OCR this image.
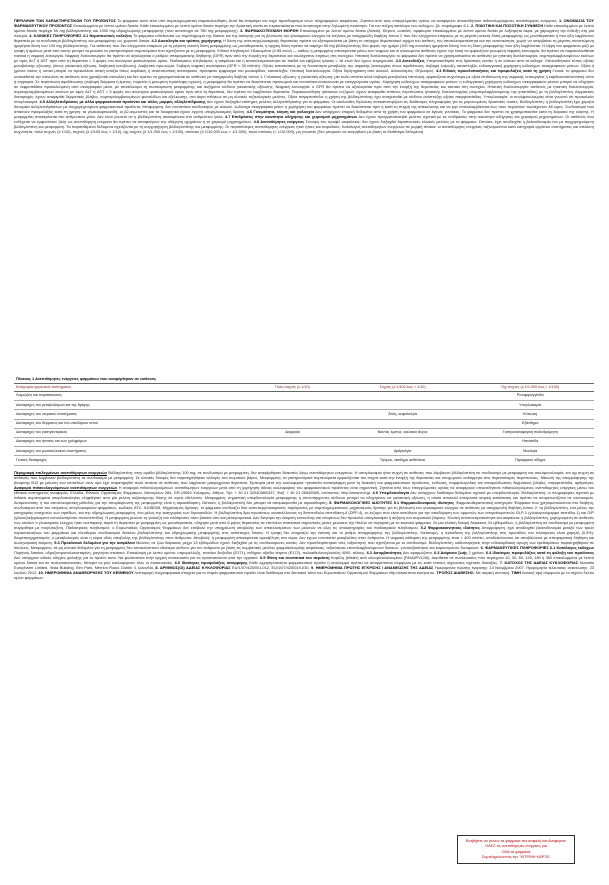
ΠΕΡΙΛΗΨΗ ΤΩΝ ΧΑΡΑΚΤΗΡΙΣΤΙΚΩΝ ΤΟΥ ΠΡΟΪΟΝΤΟΣ Το φάρμακο αυτό τελεί υπό συμπληρωματική παρακολούθηση. Αυτό θα επιτρέψει τον ταχύ προσδιορισμό νέων πληροφοριών ασφάλειας. Ζητείται από τους επαγγελματίες υγείας να αναφέρουν οποιεσδήποτε πιθανολογούμενες ανεπιθύμητες ενέργειες. 1. ΟΝΟΜΑΣΙΑ ΤΟΥ ΦΑΡΜΑΚΕΥΤΙΚΟΥ ΠΡΟΪΟΝΤΟΣ Επικαλυμμένα με λεπτό υμένιο δισκία. Κάθε επικαλυμμένο με λεπτό υμένιο δισκίο περιέχει την δραστική ουσία σε περιεκτικότητα που αντιστοιχεί στην δηλωμένη ποσότητα. Για τον πλήρη κατάλογο των εκδόχων, βλ. παράγραφο 6.1. 2. ΠΟΙΟΤΙΚΗ ΚΑΙ ΠΟΣΟΤΙΚΗ ΣΥΝΘΕΣΗ Κάθε επικαλυμμένο με λεπτό υμένιο δισκίο περιέχει 50 mg βιλδαγλιπτίνης και 1000 mg υδροχλωρικής μετφορμίνης (που αντιστοιχεί σε 780 mg μετφορμίνης). 3. ΦΑΡΜΑΚΟΤΕΧΝΙΚΗ ΜΟΡΦΗ Επικαλυμμένο με λεπτό υμένιο δισκίο (δισκίο). Κίτρινο, ωοειδές, αμφίκυρτο επικαλυμμένο με λεπτό υμένιο δισκίο με λοξότμητα άκρα, με χαραγμένη την ένδειξη στη μία πλευρά. 4. ΚΛΙΝΙΚΕΣ ΠΛΗΡΟΦΟΡΙΕΣ 4.1 Θεραπευτικές ενδείξεις Το φάρμακο ενδείκνυται ως συμπλήρωμα της δίαιτας και της άσκησης για τη βελτίωση του γλυκαιμικού ελέγχου σε ενήλικες με σακχαρώδη διαβήτη τύπου 2 που δεν ελέγχονται επαρκώς με τη μέγιστη ανεκτή δόση μετφορμίνης ως μονοθεραπεία ή που ήδη λαμβάνουν θεραπεία με το συνδυασμό βιλδαγλιπτίνης και μετφορμίνης ως χωριστά δισκία. 4.2 Δοσολογία και τρόπος χορήγησης Η δόση της αντιυπεργλυκαιμικής θεραπείας πρέπει να εξατομικεύεται με βάση το υπάρχον θεραπευτικό σχήμα του ασθενή, την αποτελεσματικότητα και την ανεκτικότητα, χωρίς να υπερβαίνει τη μέγιστη συνιστώμενη ημερήσια δόση των 100 mg βιλδαγλιπτίνης. Για ασθενείς που δεν ελέγχονται επαρκώς με τη μέγιστη ανεκτή δόση μετφορμίνης ως μονοθεραπεία, η αρχική δόση πρέπει να παρέχει 50 mg βιλδαγλιπτίνης δύο φορές την ημέρα (100 mg συνολική ημερήσια δόση) συν τη δόση μετφορμίνης που ήδη λαμβάνεται. Η λήψη του φαρμάκου μαζί με τροφή ή αμέσως μετά από αυτήν μπορεί να μειώσει τα γαστρεντερικά συμπτώματα που σχετίζονται με τη μετφορμίνη. Ειδικοί πληθυσμοί: Ηλικιωμένοι (≥ 65 ετών) — καθώς η μετφορμίνη απεκκρίνεται μέσω των νεφρών και οι ηλικιωμένοι ασθενείς έχουν την τάση να εμφανίζουν μειωμένη νεφρική λειτουργία, θα πρέπει να παρακολουθείται τακτικά η νεφρική λειτουργία. Νεφρική δυσλειτουργία: θα πρέπει να αξιολογείται ο ρυθμός σπειραματικής διήθησης (GFR) πριν από την έναρξη της θεραπείας και τουλάχιστον ετησίως στη συνέχεια. Ηπατική δυσλειτουργία: το φάρμακο δεν πρέπει να χρησιμοποιείται σε ασθενείς με ηπατική δυσλειτουργία, συμπεριλαμβανομένων εκείνων με τιμές ALT ή AST πριν από τη θεραπεία > 3 φορές του ανώτερου φυσιολογικού ορίου. Παιδιατρικός πληθυσμός: η ασφάλεια και η αποτελεσματικότητα σε παιδιά και εφήβους ηλικίας < 18 ετών δεν έχουν τεκμηριωθεί. 4.3 Αντενδείξεις Υπερευαισθησία στις δραστικές ουσίες ή σε κάποιο από τα έκδοχα. Οποιοσδήποτε τύπος οξείας μεταβολικής οξέωσης (όπως γαλακτική οξέωση, διαβητική κετοξέωση). Διαβητικό προ-κώμα. Σοβαρή νεφρική ανεπάρκεια (GFR < 30 ml/min). Οξείες καταστάσεις με τη δυνατότητα μεταβολής της νεφρικής λειτουργίας όπως αφυδάτωση, σοβαρή λοίμωξη, καταπληξία, ενδοαγγειακή χορήγηση ιωδιούχων σκιαγραφικών μέσων. Οξεία ή χρόνια νόσος η οποία μπορεί να προκαλέσει ιστική υποξία όπως καρδιακή ή αναπνευστική ανεπάρκεια, πρόσφατο έμφραγμα του μυοκαρδίου, καταπληξία. Ηπατική δυσλειτουργία. Οξεία δηλητηρίαση από αλκοόλ, αλκοολισμός. Θηλασμός. 4.4 Ειδικές προειδοποιήσεις και προφυλάξεις κατά τη χρήση Γενικά: το φάρμακο δεν υποκαθιστά την ινσουλίνη σε ασθενείς που χρειάζονται ινσουλίνη και δεν πρέπει να χρησιμοποιείται σε ασθενείς με σακχαρώδη διαβήτη τύπου 1. Γαλακτική οξέωση: η γαλακτική οξέωση, μία πολύ σπάνια αλλά σοβαρή μεταβολική επιπλοκή, εμφανίζεται συχνότερα με οξεία επιδείνωση της νεφρικής λειτουργίας ή καρδιοαναπνευστική νόσο ή σηψαιμία. Σε περίπτωση αφυδάτωσης (σοβαρή διάρροια ή έμετος, πυρετός ή μειωμένη πρόσληψη υγρών), η μετφορμίνη θα πρέπει να διακόπτεται προσωρινά και συνιστάται επικοινωνία με επαγγελματία υγείας. Χορήγηση ιωδιούχων σκιαγραφικών μέσων: η ενδαγγειακή χορήγηση ιωδιούχων σκιαγραφικών μέσων μπορεί να οδηγήσει σε νεφροπάθεια προκαλούμενη από σκιαγραφικό μέσο, με αποτέλεσμα τη συσσώρευση μετφορμίνης και αυξημένο κίνδυνο γαλακτικής οξέωσης. Νεφρική λειτουργία: ο GFR θα πρέπει να αξιολογείται πριν από την έναρξη της θεραπείας και τακτικά στη συνέχεια. Ηπατική δυσλειτουργία: ασθενείς με ηπατική δυσλειτουργία, συμπεριλαμβανομένων εκείνων με τιμές ALT ή AST > 3 φορές του ανώτερου φυσιολογικού ορίου πριν από τη θεραπεία, δεν πρέπει να λαμβάνουν θεραπεία. Παρακολούθηση ηπατικών ενζύμων: έχουν αναφερθεί σπάνιες περιπτώσεις ηπατικής δυσλειτουργίας (συμπεριλαμβανομένης της ηπατίτιδας) με τη βιλδαγλιπτίνη. Δερματικές διαταραχές: έχουν αναφερθεί δερματικές βλάβες, συμπεριλαμβανομένων φυσαλίδων και εξέλκωσης, στα άκρα πιθήκων σε μη κλινικές τοξικολογικές μελέτες. Οξεία παγκρεατίτιδα: η χρήση της βιλδαγλιπτίνης έχει συσχετισθεί με κίνδυνο ανάπτυξης οξείας παγκρεατίτιδας. Υπογλυκαιμία: οι σουλφονυλουρίες είναι γνωστό ότι προκαλούν υπογλυκαιμία. 4.5 Αλληλεπιδράσεις με άλλα φαρμακευτικά προϊόντα και άλλες μορφές αλληλεπίδρασης Δεν έχουν διεξαχθεί επίσημες μελέτες αλληλεπίδρασης για το φάρμακο. Οι ακόλουθες δηλώσεις αντικατοπτρίζουν τις διαθέσιμες πληροφορίες για τις μεμονωμένες δραστικές ουσίες. Βιλδαγλιπτίνη: η βιλδαγλιπτίνη έχει χαμηλό δυναμικό αλληλεπιδράσεων με συγχορηγούμενα φαρμακευτικά προϊόντα. Μετφορμίνη: δεν συνιστάται συνδυασμός με αλκοόλ. Ιωδιούχα σκιαγραφικά μέσα: η χορήγηση του φαρμάκου πρέπει να διακόπτεται πριν ή κατά τη στιγμή της απεικόνισης και να μην επαναλαμβάνεται έως ότου περάσουν τουλάχιστον 48 ώρες. Συνδυασμοί που απαιτούν προφυλάξεις κατά τη χρήση: τα γλυκοκορτικοειδή, οι β2-αγωνιστές και τα διουρητικά έχουν εγγενή υπεργλυκαιμική δράση. 4.6 Γονιμότητα, κύηση και γαλουχία Δεν υπάρχουν επαρκή δεδομένα από τη χρήση του φαρμάκου σε έγκυες γυναίκες. Το φάρμακο δεν πρέπει να χρησιμοποιείται κατά τη διάρκεια της κύησης. Η μετφορμίνη απεκκρίνεται στο ανθρώπινο γάλα. Δεν είναι γνωστό αν η βιλδαγλιπτίνη απεκκρίνεται στο ανθρώπινο γάλα. 4.7 Επιδράσεις στην ικανότητα οδήγησης και χειρισμού μηχανημάτων Δεν έχουν πραγματοποιηθεί μελέτες σχετικά με τις επιδράσεις στην ικανότητα οδήγησης και χειρισμού μηχανημάτων. Οι ασθενείς που ενδέχεται να εμφανίσουν ζάλη ως ανεπιθύμητη ενέργεια θα πρέπει να αποφεύγουν την οδήγηση οχημάτων ή το χειρισμό μηχανημάτων. 4.8 Ανεπιθύμητες ενέργειες Σύνοψη του προφίλ ασφάλειας: δεν έχουν διεξαχθεί θεραπευτικές κλινικές μελέτες με το φάρμακο. Ωστόσο, έχει αποδειχθεί η βιοϊσοδυναμία του με συγχορηγούμενη βιλδαγλιπτίνη και μετφορμίνη. Τα παρατιθέμενα δεδομένα σχετίζονται με τη συγχορήγηση βιλδαγλιπτίνης και μετφορμίνης. Οι περισσότερες ανεπιθύμητες ενέργειες ήταν ήπιες και παροδικές. Κατάλογος ανεπιθύμητων ενεργειών σε μορφή πίνακα: οι ανεπιθύμητες ενέργειες ταξινομούνται κατά κατηγορία οργάνου συστήματος και απόλυτη συχνότητα: πολύ συχνές (≥ 1/10), συχνές (≥ 1/100 έως < 1/10), όχι συχνές (≥ 1/1.000 έως < 1/100), σπάνιες (≥ 1/10.000 έως < 1/1.000), πολύ σπάνιες (< 1/10.000), μη γνωστές (δεν μπορούν να εκτιμηθούν με βάση τα διαθέσιμα δεδομένα).

Πίνακας 1 Ανεπιθύμητες ενέργειες φαρμάκου που αναφέρθηκαν σε ασθενείς			
Κατηγορία οργανικού συστήματος	Πολύ συχνές (≥ 1/10)	Συχνές (≥ 1/100 έως < 1/10)	Όχι συχνές (≥ 1/1.000 έως < 1/100)
Λοιμώξεις και παρασιτώσεις			Ρινοφαρυγγίτιδα
Διαταραχές του μεταβολισμού και της θρέψης			Υπογλυκαιμία
Διαταραχές του νευρικού συστήματος		Ζάλη, κεφαλαλγία	Κόπωση
Διαταραχές του δέρματος και του υποδόριου ιστού			Εξάνθημα
Διαταραχές του γαστρεντερικού	Διάρροια	Ναυτία, έμετος, κοιλιακό άλγος	Γαστροοισοφαγική παλινδρόμηση
Διαταραχές του ήπατος και των χοληφόρων			Ηπατίτιδα
Διαταραχές του μυοσκελετικού συστήματος		Αρθραλγία	Μυαλγία
Γενικές διαταραχές		Τρόμος, αίσθημα ασθένειας	Περιφερικό οίδημα

Περιγραφή επιλεγμένων ανεπιθύμητων ενεργειών Βιλδαγλιπτίνη: στην ομάδα βιλδαγλιπτίνης 100 mg, σε συνδυασμό με μετφορμίνη, δεν αναφέρθηκαν διακοπές λόγω ανεπιθύμητων ενεργειών. Η υπογλυκαιμία ήταν συχνή σε ασθενείς που λάμβαναν βιλδαγλιπτίνη σε συνδυασμό με μετφορμίνη και σουλφονυλουρία, και όχι συχνή σε ασθενείς που λάμβαναν βιλδαγλιπτίνη σε συνδυασμό με μετφορμίνη. Σε κλινικές δοκιμές δεν παρατηρήθηκαν αλλαγές στο σωματικό βάρος. Μετφορμίνη: τα γαστρεντερικά συμπτώματα εμφανίζονται πιο συχνά κατά την έναρξη της θεραπείας και υποχωρούν αυθόρμητα στις περισσότερες περιπτώσεις. Μείωση της απορρόφησης της βιταμίνης B12 με μείωση των επιπέδων στον ορό έχει παρατηρηθεί πολύ σπάνια σε ασθενείς που λάμβαναν μακροχρόνια θεραπεία. Εμπειρία μετά την κυκλοφορία: ηπατίτιδα αναστρέψιμη μετά τη διακοπή του φαρμακευτικού προϊόντος, κνίδωση, πομφολυγώδεις και αποφολιδωτικές δερματικές βλάβες, παγκρεατίτιδα, αρθραλγία. Αναφορά πιθανολογούμενων ανεπιθύμητων ενεργειών Η αναφορά πιθανολογούμενων ανεπιθύμητων ενεργειών μετά από τη χορήγηση άδειας κυκλοφορίας του φαρμακευτικού προϊόντος είναι σημαντική. Ζητείται από τους επαγγελματίες υγείας να αναφέρουν οποιεσδήποτε πιθανολογούμενες ανεπιθύμητες ενέργειες μέσω του εθνικού συστήματος αναφοράς: Ελλάδα, Εθνικός Οργανισμός Φαρμάκων, Μεσογείων 284, GR-15562 Χολαργός, Αθήνα, Τηλ: + 30 21 32040380/337, Φαξ: + 30 21 06549585, Ιστότοπος: http://www.eof.gr. 4.9 Υπερδοσολογία Δεν υπάρχουν διαθέσιμα δεδομένα σχετικά με υπερδοσολογία. Βιλδαγλιπτίνη: οι πληροφορίες σχετικά με πιθανά συμπτώματα υπερδοσολογίας ελήφθησαν από μία μελέτη αυξανόμενης δόσης σε υγιείς εθελοντές. Μετφορμίνη: σημαντική υπερδοσολογία μετφορμίνης ή συνυπάρχοντες κίνδυνοι μπορεί να οδηγήσουν σε γαλακτική οξέωση, η οποία αποτελεί επείγουσα ιατρική κατάσταση και πρέπει να αντιμετωπίζεται σε νοσοκομείο. Αντιμετώπιση: η πιο αποτελεσματική μέθοδος για την απομάκρυνση της μετφορμίνης είναι η αιμοκάθαρση. Ωστόσο, η βιλδαγλιπτίνη δεν μπορεί να απομακρυνθεί με αιμοκάθαρση. 5. ΦΑΡΜΑΚΟΛΟΓΙΚΕΣ ΙΔΙΟΤΗΤΕΣ 5.1 Φαρμακοδυναμικές ιδιότητες Φαρμακοθεραπευτική κατηγορία: Φάρμακα που χρησιμοποιούνται στο διαβήτη, συνδυασμοί από του στόματος υπογλυκαιμικών φαρμάκων, κωδικός ATC: A10BD08. Μηχανισμός δράσης: το φάρμακο συνδυάζει δύο αντιυπεργλυκαιμικούς παράγοντες με συμπληρωματικούς μηχανισμούς δράσης για τη βελτίωση του γλυκαιμικού ελέγχου σε ασθενείς με σακχαρώδη διαβήτη τύπου 2: τη βιλδαγλιπτίνη, ένα μέλος της κατηγορίας ενισχυτών των νησιδίων, και την υδροχλωρική μετφορμίνη, ένα μέλος της κατηγορίας των διγουανιδών. Η βιλδαγλιπτίνη δρα πρωτίστως αναστέλλοντας τη διπεπτιδυλο-πεπτιδάση-4 (DPP-4), το ένζυμο που είναι υπεύθυνο για την αποδόμηση των ορμονών των εντεροϊνκρετινών GLP-1 (γλυκαγονόμορφο πεπτίδιο-1) και GIP (γλυκοζοεξαρτώμενο ινσουλινοτρόπο πολυπεπτίδιο). Η μετφορμίνη μειώνει τη γλυκόζη του πλάσματος τόσο βασικά όσο και μεταγευματικά. Δεν διεγείρει την έκκριση ινσουλίνης και επομένως δεν προκαλεί υπογλυκαιμία ή αύξηση του σωματικού βάρους. Κλινική αποτελεσματικότητα και ασφάλεια: η βιλδαγλιπτίνη, χορηγούμενη σε ασθενείς των οποίων ο γλυκαιμικός έλεγχος ήταν ανεπαρκής παρά τη θεραπεία με μετφορμίνη ως μονοθεραπεία, οδήγησε μετά από 6 μήνες θεραπείας σε επιπλέον στατιστικά σημαντικές μέσες μειώσεις της HbA1c σε σύγκριση με το εικονικό φάρμακο. Σε μια κλινική δοκιμή διάρκειας 24 εβδομάδων, η βιλδαγλιπτίνη σε συνδυασμό με μετφορμίνη συγκρίθηκε με πιογλιταζόνη. Παιδιατρικός πληθυσμός: ο Ευρωπαϊκός Οργανισμός Φαρμάκων δεν επέβαλε την υποχρέωση υποβολής των αποτελεσμάτων των μελετών σε όλες τις υποκατηγορίες του παιδιατρικού πληθυσμού. 5.2 Φαρμακοκινητικές ιδιότητες Απορρόφηση: έχει αποδειχθεί βιοϊσοδυναμία μεταξύ των τριών περιεκτικοτήτων του φαρμάκου και ελεύθερου συνδυασμού δισκίων βιλδαγλιπτίνης και υδροχλωρικής μετφορμίνης στις αντίστοιχες δόσεις. Η τροφή δεν επηρεάζει την έκταση και το ρυθμό απορρόφησης της βιλδαγλιπτίνης. Κατανομή: η πρόσδεση της βιλδαγλιπτίνης στις πρωτεΐνες του πλάσματος είναι χαμηλή (9,3%). Βιομετασχηματισμός: ο μεταβολισμός είναι η κύρια οδός αποβολής της βιλδαγλιπτίνης στον άνθρωπο. Αποβολή: η μετφορμίνη απεκκρίνεται αμετάβλητη στα ούρα. Δεν έχουν εντοπιστεί μεταβολίτες στον άνθρωπο. Η νεφρική κάθαρση της μετφορμίνης είναι > 400 ml/min, υποδεικνύοντας ότι αποβάλλεται με σπειραματική διήθηση και σωληναριακή έκκριση. 5.3 Προκλινικά δεδομένα για την ασφάλεια Μελέτες σε ζώα διάρκειας μέχρι 13 εβδομάδων έχουν διεξαχθεί με τις συνδυασμένες ουσίες. Δεν προσδιορίστηκαν νέες τοξικότητες που σχετίζονται με το συνδυασμό. Βιλδαγλιπτίνη: καθυστερήσεις στην ενδοκαρδιακή αγωγή των ερεθισμάτων παρατηρήθηκαν σε σκύλους. Μετφορμίνη: τα μη κλινικά δεδομένα για τη μετφορμίνη δεν αποκαλύπτουν ιδιαίτερο κίνδυνο για τον άνθρωπο με βάση τις συμβατικές μελέτες φαρμακολογικής ασφάλειας, τοξικότητας επαναλαμβανόμενων δόσεων, γονοτοξικότητας και καρκινογόνου δυναμικού. 6. ΦΑΡΜΑΚΕΥΤΙΚΕΣ ΠΛΗΡΟΦΟΡΙΕΣ 6.1 Κατάλογος εκδόχων Πυρήνας δισκίου: υδροξυπροπυλοκυτταρίνη, μαγνήσιο στεατικό. Επικάλυψη με λεπτό υμένιο: υπρομελλόζη, τιτανίου διοξείδιο (E171), σιδήρου οξείδιο κίτρινο (E172), πολυαιθυλενογλυκόλη 4000, τάλκης. 6.2 Ασυμβατότητες Δεν εφαρμόζεται. 6.3 Διάρκεια ζωής 2 χρόνια. 6.4 Ιδιαίτερες προφυλάξεις κατά τη φύλαξη του προϊόντος Δεν υπάρχουν ειδικές οδηγίες φύλαξης για το προϊόν αυτό. Να φυλάσσεται στην αρχική συσκευασία για να προστατεύεται από την υγρασία. 6.5 Φύση και συστατικά του περιέκτη Κυψέλη (blister) από αλουμίνιο/αλουμίνιο (PA/Al/PVC/Al). Διατίθεται σε συσκευασίες που περιέχουν 10, 30, 60, 120, 180 ή 360 επικαλυμμένα με λεπτό υμένιο δισκία και σε πολυσυσκευασίες. Μπορεί να μην κυκλοφορούν όλες οι συσκευασίες. 6.6 Ιδιαίτερες προφυλάξεις απόρριψης Κάθε αχρησιμοποίητο φαρμακευτικό προϊόν ή υπόλειμμα πρέπει να απορρίπτεται σύμφωνα με τις κατά τόπους ισχύουσες σχετικές διατάξεις. 7. ΚΑΤΟΧΟΣ ΤΗΣ ΑΔΕΙΑΣ ΚΥΚΛΟΦΟΡΙΑΣ Novartis Europharm Limited, Vista Building, Elm Park, Merrion Road, Dublin 4, Ιρλανδία. 8. ΑΡΙΘΜΟΣ(ΟΙ) ΑΔΕΙΑΣ ΚΥΚΛΟΦΟΡΙΑΣ EU/1/07/425/001-012, EU/1/07/425/019-030. 9. ΗΜΕΡΟΜΗΝΙΑ ΠΡΩΤΗΣ ΕΓΚΡΙΣΗΣ / ΑΝΑΝΕΩΣΗΣ ΤΗΣ ΑΔΕΙΑΣ Ημερομηνία πρώτης έγκρισης: 14 Νοεμβρίου 2007. Ημερομηνία τελευταίας ανανέωσης: 23 Ιουλίου 2012. 10. ΗΜΕΡΟΜΗΝΙΑ ΑΝΑΘΕΩΡΗΣΗΣ ΤΟΥ ΚΕΙΜΕΝΟΥ Λεπτομερή πληροφοριακά στοιχεία για το παρόν φαρμακευτικό προϊόν είναι διαθέσιμα στο δικτυακό τόπο του Ευρωπαϊκού Οργανισμού Φαρμάκων http://www.ema.europa.eu. ΤΡΟΠΟΣ ΔΙΑΘΕΣΗΣ: Με ιατρική συνταγή. ΤΙΜΗ Λιανική τιμή σύμφωνα με το ισχύον δελτίο τιμών φαρμάκων.

Βοηθήστε να γίνουν τα φάρμακα πιο ασφαλή και Αναφέρετε
ΟΛΕΣ τις ανεπιθύμητες ενέργειες για
ΟΛΑ τα φάρμακα
Συμπληρώνοντας την "ΚΙΤΡΙΝΗ ΚΑΡΤΑ"
